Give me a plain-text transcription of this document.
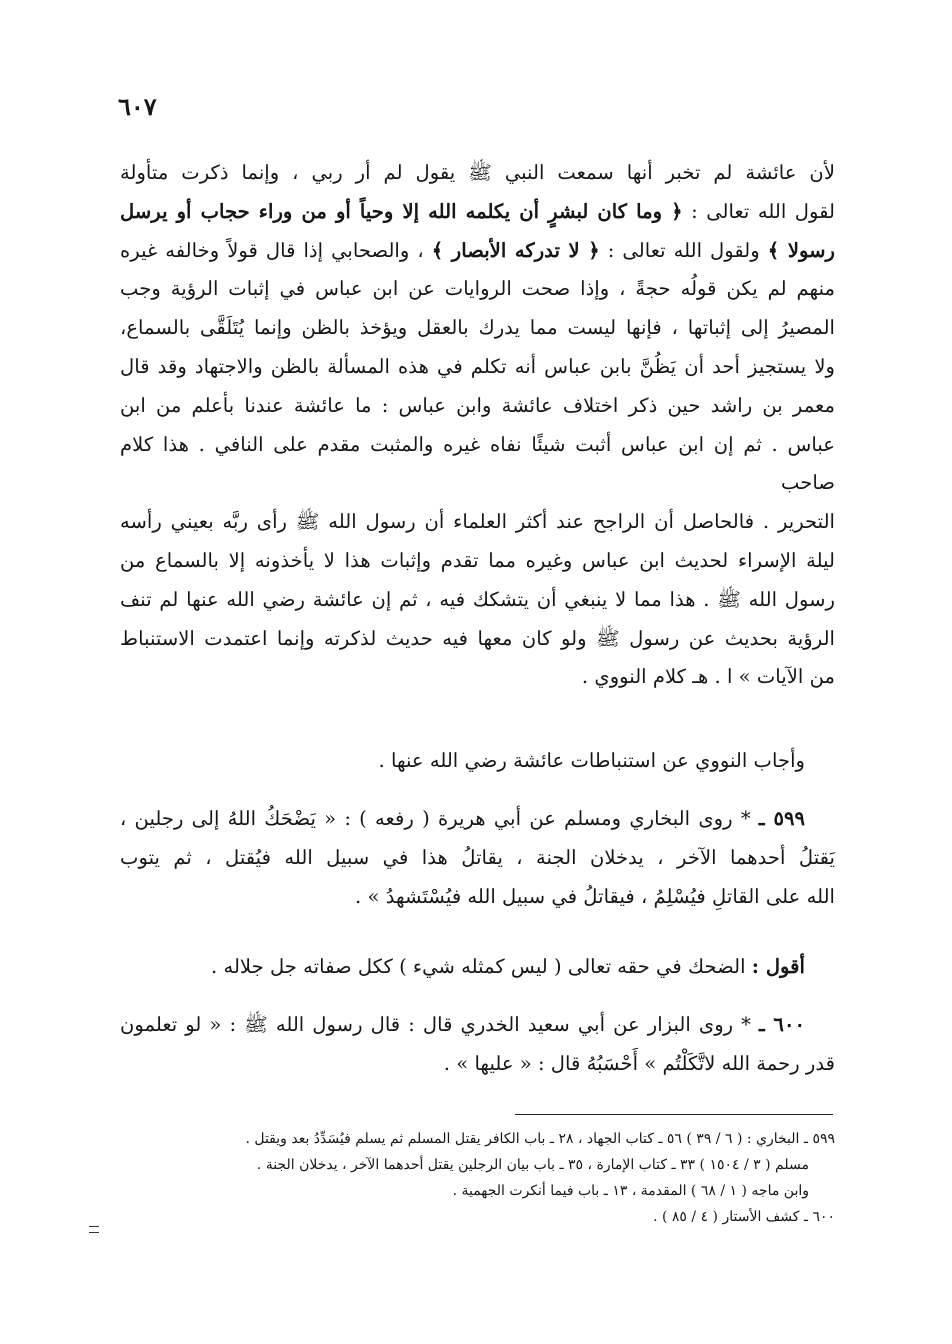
٦٠٧
لأن عائشة لم تخبر أنها سمعت النبي ﷺ يقول لم أر ربي ، وإنما ذكرت متأولة
لقول الله تعالى : ﴿ وما كان لبشرٍ أن يكلمه الله إلا وحياً أو من وراء حجاب أو يرسل
رسولا ﴾ ولقول الله تعالى : ﴿ لا تدركه الأبصار ﴾ ، والصحابي إذا قال قولاً وخالفه غيره
منهم لم يكن قولُه حجةً ، وإذا صحت الروايات عن ابن عباس في إثبات الرؤية وجب
المصيرُ إلى إثباتها ، فإنها ليست مما يدرك بالعقل ويؤخذ بالظن وإنما يُتَلَقَّى بالسماع،
ولا يستجيز أحد أن يَظُنَّ بابن عباس أنه تكلم في هذه المسألة بالظن والاجتهاد وقد قال
معمر بن راشد حين ذكر اختلاف عائشة وابن عباس : ما عائشة عندنا بأعلم من ابن
عباس . ثم إن ابن عباس أثبت شيئًا نفاه غيره والمثبت مقدم على النافي . هذا كلام صاحب
التحرير . فالحاصل أن الراجح عند أكثر العلماء أن رسول الله ﷺ رأى ربَّه بعيني رأسه
ليلة الإسراء لحديث ابن عباس وغيره مما تقدم وإثبات هذا لا يأخذونه إلا بالسماع من
رسول الله ﷺ . هذا مما لا ينبغي أن يتشكك فيه ، ثم إن عائشة رضي الله عنها لم تنف
الرؤية بحديث عن رسول ﷺ ولو كان معها فيه حديث لذكرته وإنما اعتمدت الاستنباط
من الآيات » ا . هـ كلام النووي .
وأجاب النووي عن استنباطات عائشة رضي الله عنها .
٥٩٩ ـ * روى البخاري ومسلم عن أبي هريرة ( رفعه ) : « يَضْحَكُ اللهُ إلى رجلين ،
يَقتلُ أحدهما الآخر ، يدخلان الجنة ، يقاتلُ هذا في سبيل الله فيُقتل ، ثم يتوب
الله على القاتلِ فيُسْلِمُ ، فيقاتلُ في سبيل الله فيُسْتَشهدُ » .
أقول : الضحك في حقه تعالى ( ليس كمثله شيء ) ككل صفاته جل جلاله .
٦٠٠ ـ * روى البزار عن أبي سعيد الخدري قال : قال رسول الله ﷺ : « لو تعلمون
قدر رحمة الله لاتَّكَلْتُم » أَحْسَبُهُ قال : « عليها » .
٥٩٩ ـ البخاري : ( ٦ / ٣٩ ) ٥٦ ـ كتاب الجهاد ، ٢٨ ـ باب الكافر يقتل المسلم ثم يسلم فيُسَدِّدُ بعد ويقتل .
مسلم ( ٣ / ١٥٠٤ ) ٣٣ ـ كتاب الإمارة ، ٣٥ ـ باب بيان الرجلين يقتل أحدهما الآخر ، يدخلان الجنة .
وابن ماجه ( ١ / ٦٨ ) المقدمة ، ١٣ ـ باب فيما أنكرت الجهمية .
٦٠٠ ـ كشف الأستار ( ٤ / ٨٥ ) .
